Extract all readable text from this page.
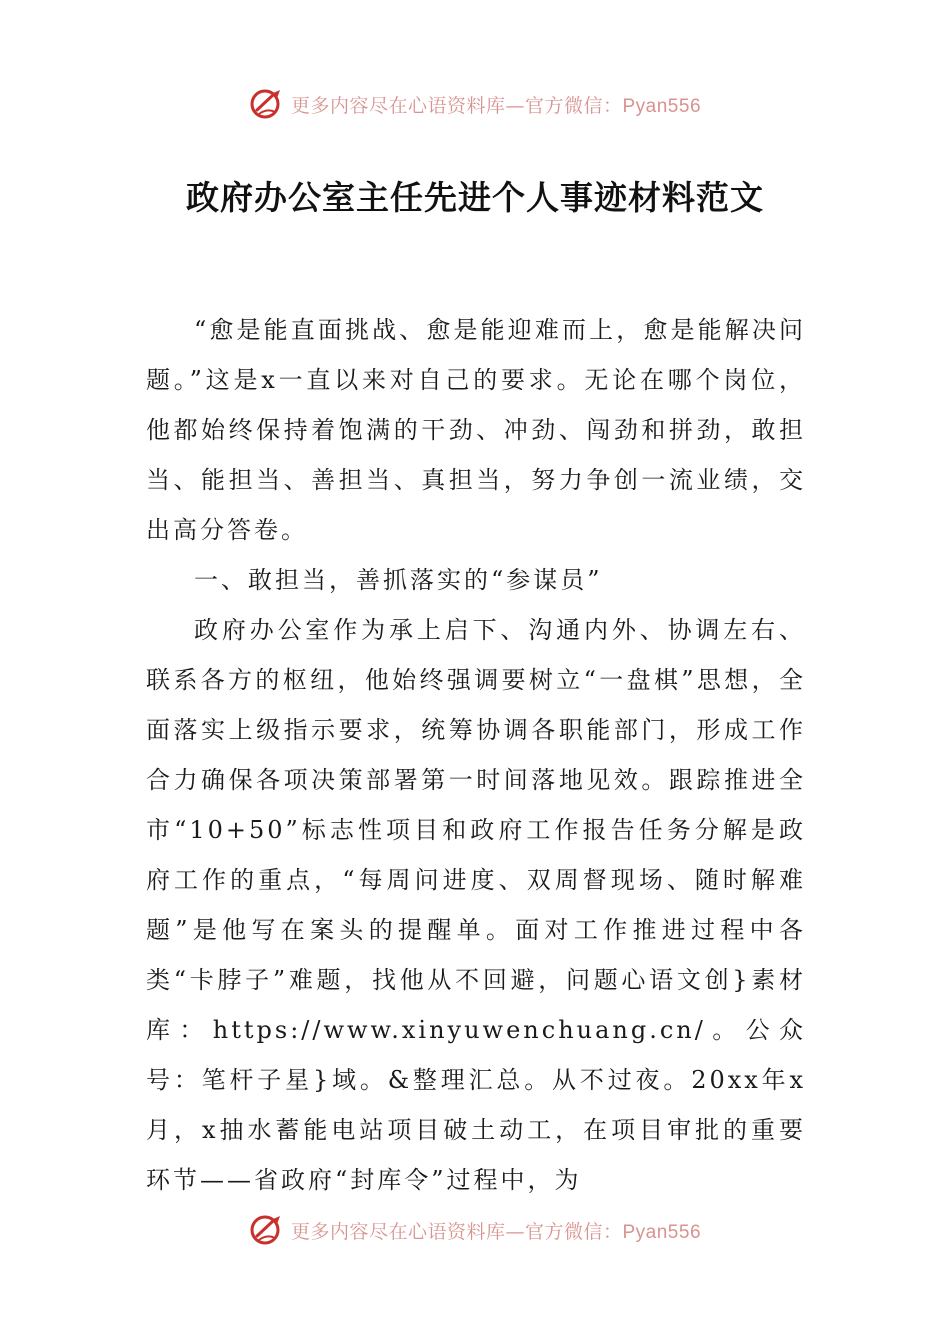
更多内容尽在心语资料库—官方微信：Pyan556
政府办公室主任先进个人事迹材料范文

“愈是能直面挑战、愈是能迎难而上，愈是能解决问题。”这是x一直以来对自己的要求。无论在哪个岗位，他都始终保持着饱满的干劲、冲劲、闯劲和拼劲，敢担当、能担当、善担当、真担当，努力争创一流业绩，交出高分答卷。

一、敢担当，善抓落实的“参谋员”

政府办公室作为承上启下、沟通内外、协调左右、联系各方的枢纽，他始终强调要树立“一盘棋”思想，全面落实上级指示要求，统筹协调各职能部门，形成工作合力确保各项决策部署第一时间落地见效。跟踪推进全市“10+50”标志性项目和政府工作报告任务分解是政府工作的重点，“每周问进度、双周督现场、随时解难题”是他写在案头的提醒单。面对工作推进过程中各类“卡脖子”难题，找他从不回避，问题心语文创}素材库：https://www.xinyuwenchuang.cn/。公众号：笔杆子星}域。&整理汇总。从不过夜。20xx年x月，x抽水蓄能电站项目破土动工，在项目审批的重要环节——省政府“封库令”过程中，为

更多内容尽在心语资料库—官方微信：Pyan556
